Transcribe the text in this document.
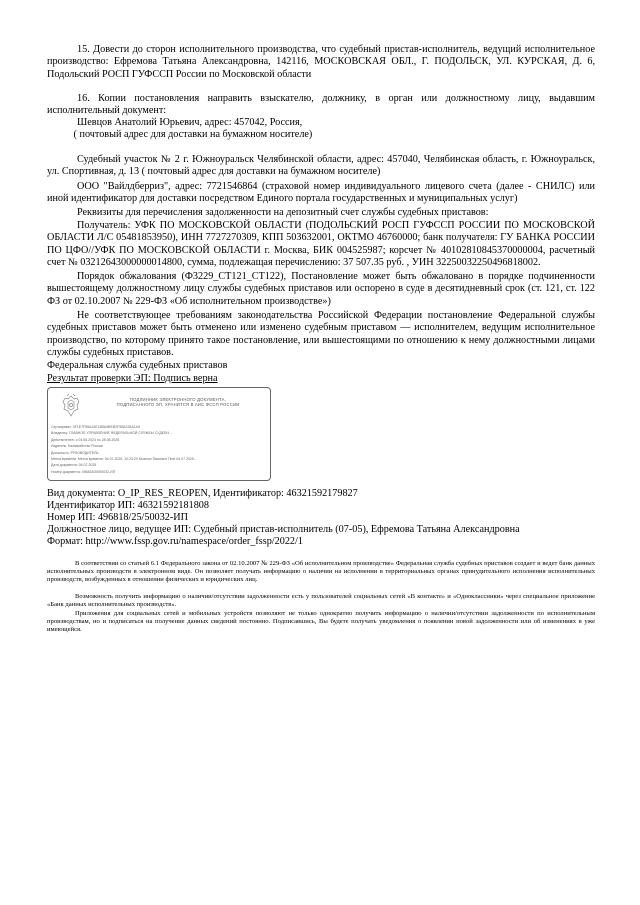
15. Довести до сторон исполнительного производства, что судебный пристав-исполнитель, ведущий исполнительное производство: Ефремова Татьяна Александровна, 142116, МОСКОВСКАЯ ОБЛ., Г. ПОДОЛЬСК, УЛ. КУРСКАЯ, Д. 6, Подольский РОСП ГУФССП России по Московской области

16. Копии постановления направить взыскателю, должнику, в орган или должностному лицу, выдавшим исполнительный документ:

Шевцов Анатолий Юрьевич, адрес: 457042, Россия,
( почтовый адрес для доставки на бумажном носителе)

Судебный участок № 2 г. Южноуральск Челябинской области, адрес: 457040, Челябинская область, г. Южноуральск, ул. Спортивная, д. 13 ( почтовый адрес для доставки на бумажном носителе)

ООО "Вайлдберриз", адрес: 7721546864 (страховой номер индивидуального лицевого счета (далее - СНИЛС) или иной идентификатор для доставки посредством Единого портала государственных и муниципальных услуг)

Реквизиты для перечисления задолженности на депозитный счет службы судебных приставов:

Получатель: УФК ПО МОСКОВСКОЙ ОБЛАСТИ (ПОДОЛЬСКИЙ РОСП ГУФССП РОССИИ ПО МОСКОВСКОЙ ОБЛАСТИ Л/С 05481853950), ИНН 7727270309, КПП 503632001, ОКТМО 46760000; банк получателя: ГУ БАНКА РОССИИ ПО ЦФО//УФК ПО МОСКОВСКОЙ ОБЛАСТИ г. Москва, БИК 004525987; корсчет № 40102810845370000004, расчетный счет № 03212643000000014800, сумма, подлежащая перечислению: 37 507.35 руб. , УИН 32250032250496818002.

Порядок обжалования (Ф3229_СТ121_СТ122), Постановление может быть обжаловано в порядке подчиненности вышестоящему должностному лицу службы судебных приставов или оспорено в суде в десятидневный срок (ст. 121, ст. 122 ФЗ от 02.10.2007 № 229-ФЗ «Об исполнительном производстве»)

Не соответствующее требованиям законодательства Российской Федерации постановление Федеральной службы судебных приставов может быть отменено или изменено судебным приставом — исполнителем, ведущим исполнительное производство, по которому принято такое постановление, или вышестоящими по отношению к нему должностными лицами службы судебных приставов.

Федеральная служба судебных приставов

Результат проверки ЭП: Подпись верна

ПОДЛИННИК ЭЛЕКТРОННОГО ДОКУМЕНТА,
ПОДПИСАННОГО ЭП, ХРАНИТСЯ В АИС ФССП РОССИИ
Сертификат: 0F1E7F55A24E1B5A9BEB2F9B5225A1A9
Владелец: ГЛАВНОЕ УПРАВЛЕНИЕ ФЕДЕРАЛЬНОЙ СЛУЖБЫ СУДЕБН...
Действителен: с 04.06.2024 по 28.08.2025
Издатель: Казначейство России
Должность: РУКОВОДИТЕЛЬ
Метка времени: Метка времени: 04.07.2025, 10:23:20 Moscow Standard Time 04.07.2025...
Дата документа: 04.07.2025
Номер документа: 496818/25/50032-ИП

Вид документа: O_IP_RES_REOPEN, Идентификатор: 46321592179827

Идентификатор ИП: 46321592181808

Номер ИП: 496818/25/50032-ИП

Должностное лицо, ведущее ИП: Судебный пристав-исполнитель (07-05), Ефремова Татьяна Александровна

Формат: http://www.fssp.gov.ru/namespace/order_fssp/2022/1

В соответствии со статьей 6.1 Федерального закона от 02.10.2007 № 229-ФЗ «Об исполнительном производстве» Федеральная служба судебных приставов создает и ведет банк данных исполнительных производств в электронном виде. Он позволяет получать информацию о наличии на исполнении в территориальных органах принудительного исполнения исполнительных производств, возбужденных в отношении физических и юридических лиц.

Возможность получить информацию о наличии/отсутствии задолженности есть у пользователей социальных сетей «В контакте» и «Одноклассники» через специальное приложение «Банк данных исполнительных производств».

Приложения для социальных сетей и мобильных устройств позволяют не только однократно получить информацию о наличии/отсутствии задолженности по исполнительным производствам, но и подписаться на получение данных сведений постоянно. Подписавшись, Вы будете получать уведомления о появлении новой задолженности или об изменениях в уже имеющейся.
